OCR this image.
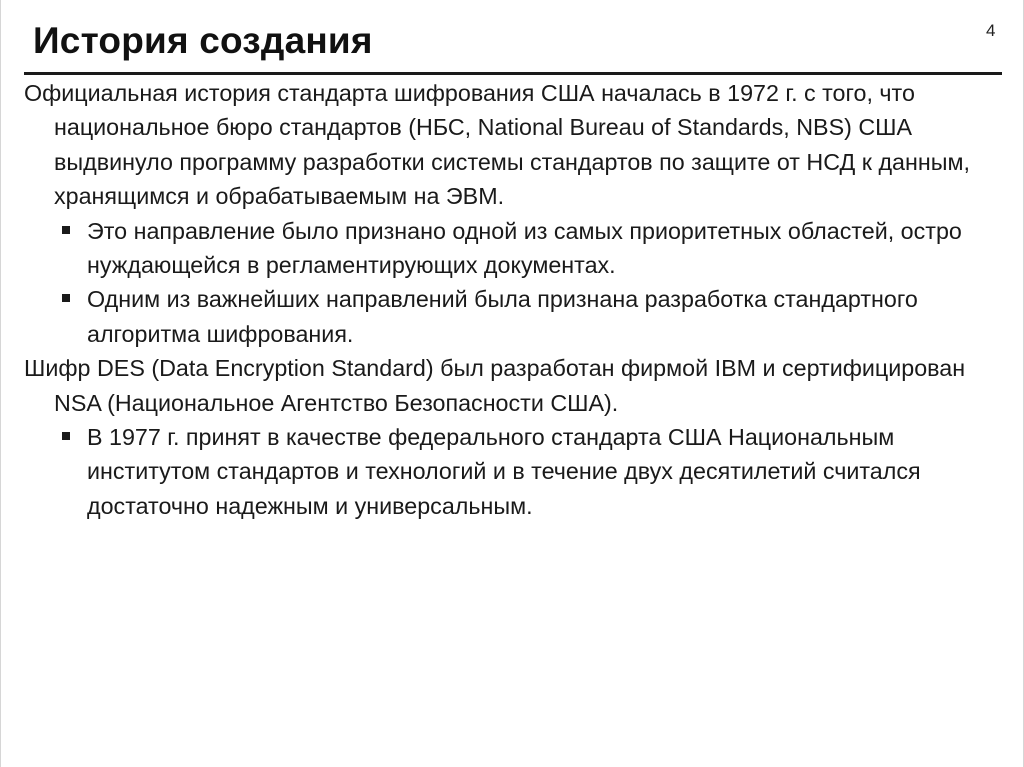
История создания	4

Официальная история стандарта шифрования США началась в 1972 г. с того, что национальное бюро стандартов (НБС, National Bureau of Standards, NBS) США выдвинуло программу разработки системы стандартов по защите от НСД к данным, хранящимся и обрабатываемым на ЭВМ.

Это направление было признано одной из самых приоритетных областей, остро нуждающейся в регламентирующих документах.
Одним из важнейших направлений была признана разработка стандартного алгоритма шифрования.

Шифр DES (Data Encryption Standard) был разработан фирмой IBM и сертифицирован NSA (Национальное Агентство Безопасности США).

В 1977 г. принят в качестве федерального стандарта США Национальным институтом стандартов и технологий и в течение двух десятилетий считался достаточно надежным и универсальным.
